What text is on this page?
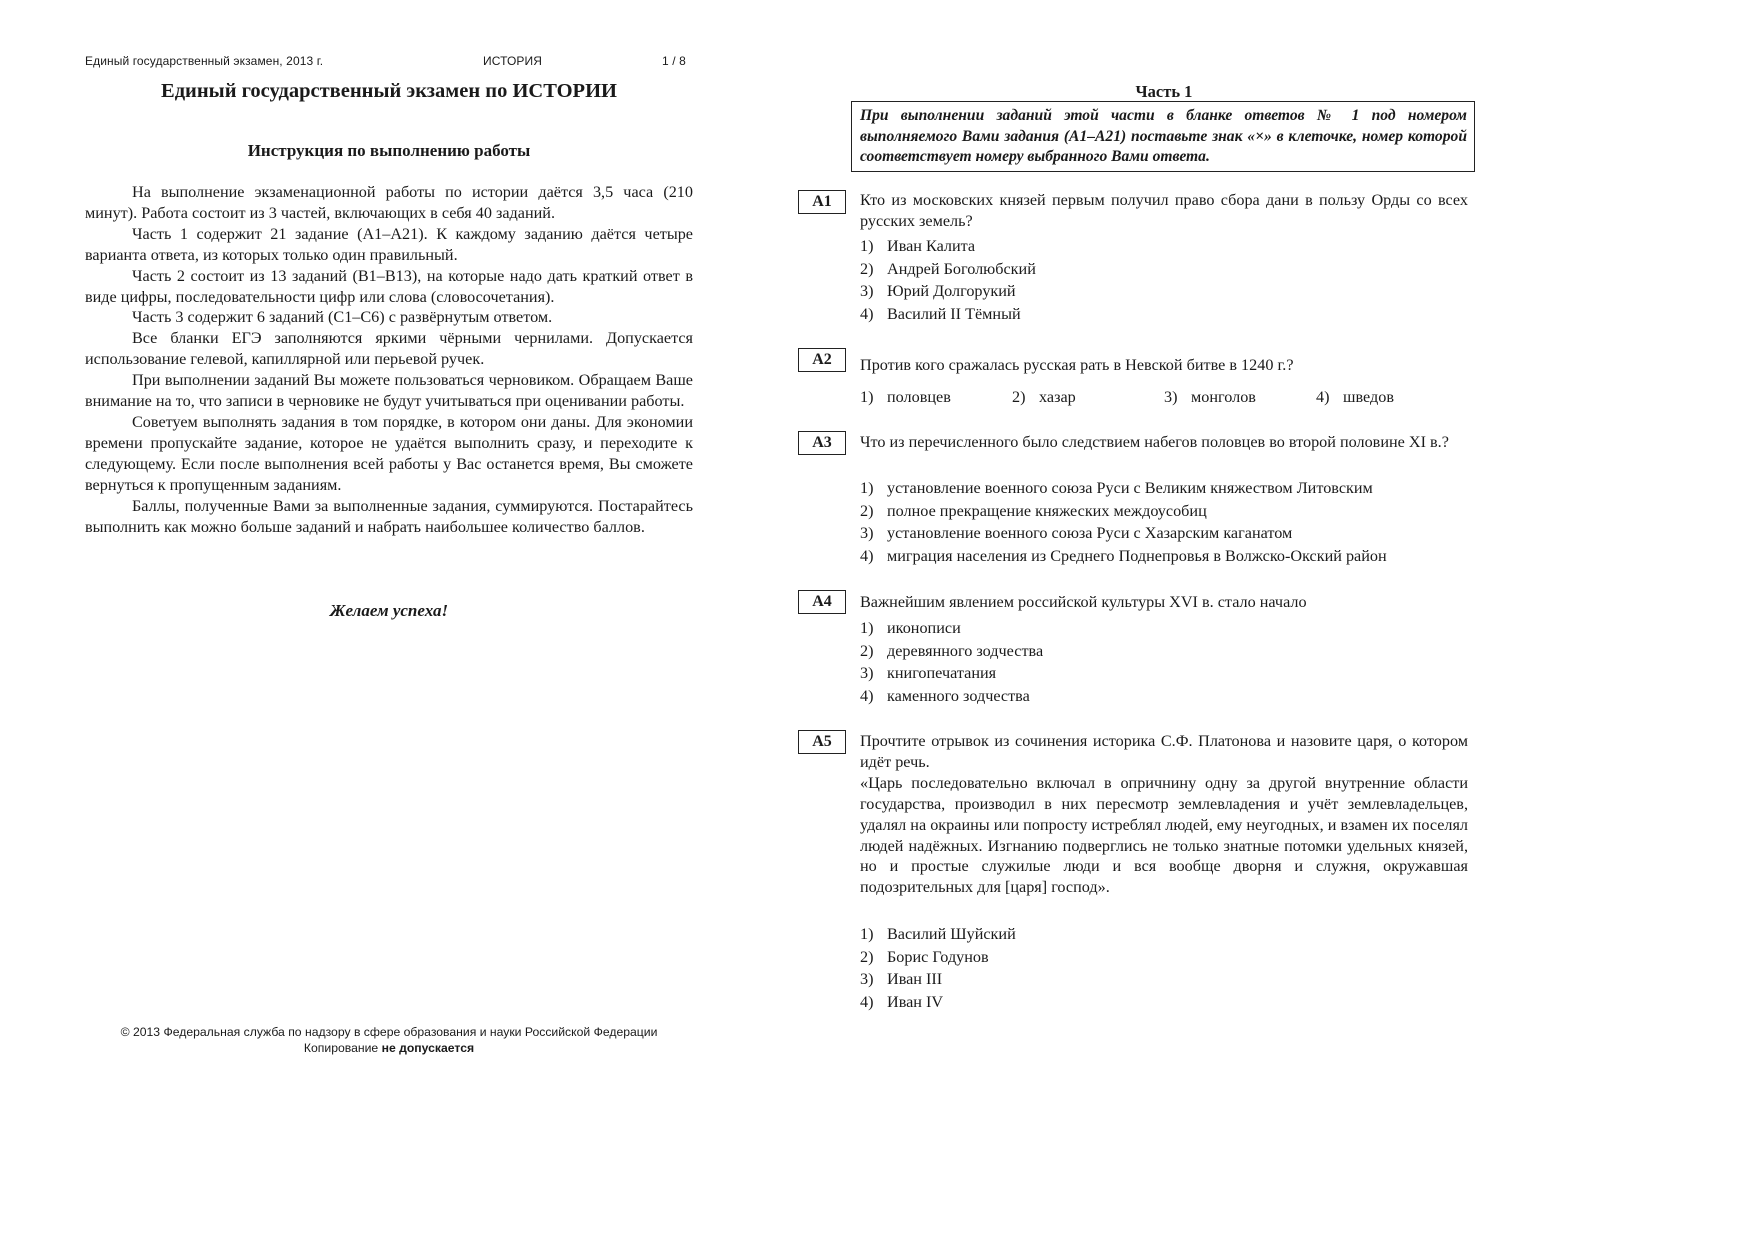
Единый государственный экзамен, 2013 г.	ИСТОРИЯ	1 / 8
Единый государственный экзамен по ИСТОРИИ
Инструкция по выполнению работы

На выполнение экзаменационной работы по истории даётся 3,5 часа (210 минут). Работа состоит из 3 частей, включающих в себя 40 заданий.

Часть 1 содержит 21 задание (А1–А21). К каждому заданию даётся четыре варианта ответа, из которых только один правильный.

Часть 2 состоит из 13 заданий (В1–В13), на которые надо дать краткий ответ в виде цифры, последовательности цифр или слова (словосочетания).

Часть 3 содержит 6 заданий (С1–С6) с развёрнутым ответом.

Все бланки ЕГЭ заполняются яркими чёрными чернилами. Допускается использование гелевой, капиллярной или перьевой ручек.

При выполнении заданий Вы можете пользоваться черновиком. Обращаем Ваше внимание на то, что записи в черновике не будут учитываться при оценивании работы.

Советуем выполнять задания в том порядке, в котором они даны. Для экономии времени пропускайте задание, которое не удаётся выполнить сразу, и переходите к следующему. Если после выполнения всей работы у Вас останется время, Вы сможете вернуться к пропущенным заданиям.

Баллы, полученные Вами за выполненные задания, суммируются. Постарайтесь выполнить как можно больше заданий и набрать наибольшее количество баллов.

Желаем успеха!
© 2013 Федеральная служба по надзору в сфере образования и науки Российской Федерации
Копирование не допускается
Часть 1
При выполнении заданий этой части в бланке ответов № 1 под номером выполняемого Вами задания (А1–А21) поставьте знак «×» в клеточке, номер которой соответствует номеру выбранного Вами ответа.
А1	Кто из московских князей первым получил право сбора дани в пользу Орды со всех русских земель?

1) Иван Калита
2) Андрей Боголюбский
3) Юрий Долгорукий
4) Василий II Тёмный
А2	Против кого сражалась русская рать в Невской битве в 1240 г.?

1) половцев	2) хазар	3) монголов	4) шведов
А3	Что из перечисленного было следствием набегов половцев во второй половине XI в.?

1) установление военного союза Руси с Великим княжеством Литовским
2) полное прекращение княжеских междоусобиц
3) установление военного союза Руси с Хазарским каганатом
4) миграция населения из Среднего Поднепровья в Волжско-Окский район
А4	Важнейшим явлением российской культуры XVI в. стало начало

1) иконописи
2) деревянного зодчества
3) книгопечатания
4) каменного зодчества
А5	Прочтите отрывок из сочинения историка С.Ф. Платонова и назовите царя, о котором идёт речь.

«Царь последовательно включал в опричнину одну за другой внутренние области государства, производил в них пересмотр землевладения и учёт землевладельцев, удалял на окраины или попросту истреблял людей, ему неугодных, и взамен их поселял людей надёжных. Изгнанию подверглись не только знатные потомки удельных князей, но и простые служилые люди и вся вообще дворня и служня, окружавшая подозрительных для [царя] господ».

1) Василий Шуйский
2) Борис Годунов
3) Иван III
4) Иван IV
